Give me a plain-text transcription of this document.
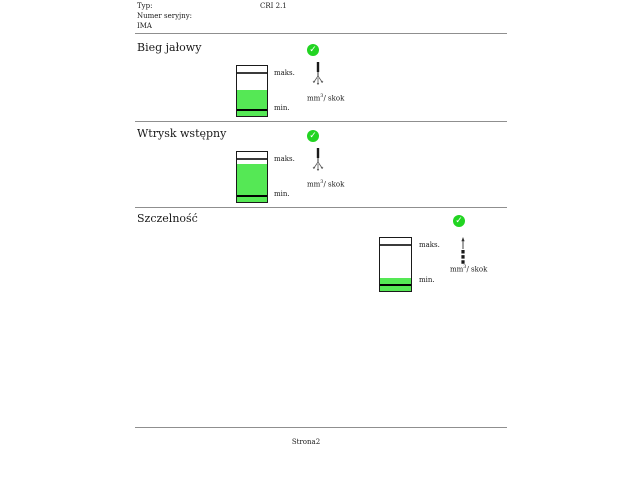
Typ:	CRI 2.1
Numer seryjny:
IMA
Bieg jałowy	✓
maks.
min.
$mm^3/$ skok
Wtrysk wstępny	✓
maks.
min.
$mm^3/$ skok
Szczelność	✓
maks.
min.
$mm^3/$ skok
Strona2
